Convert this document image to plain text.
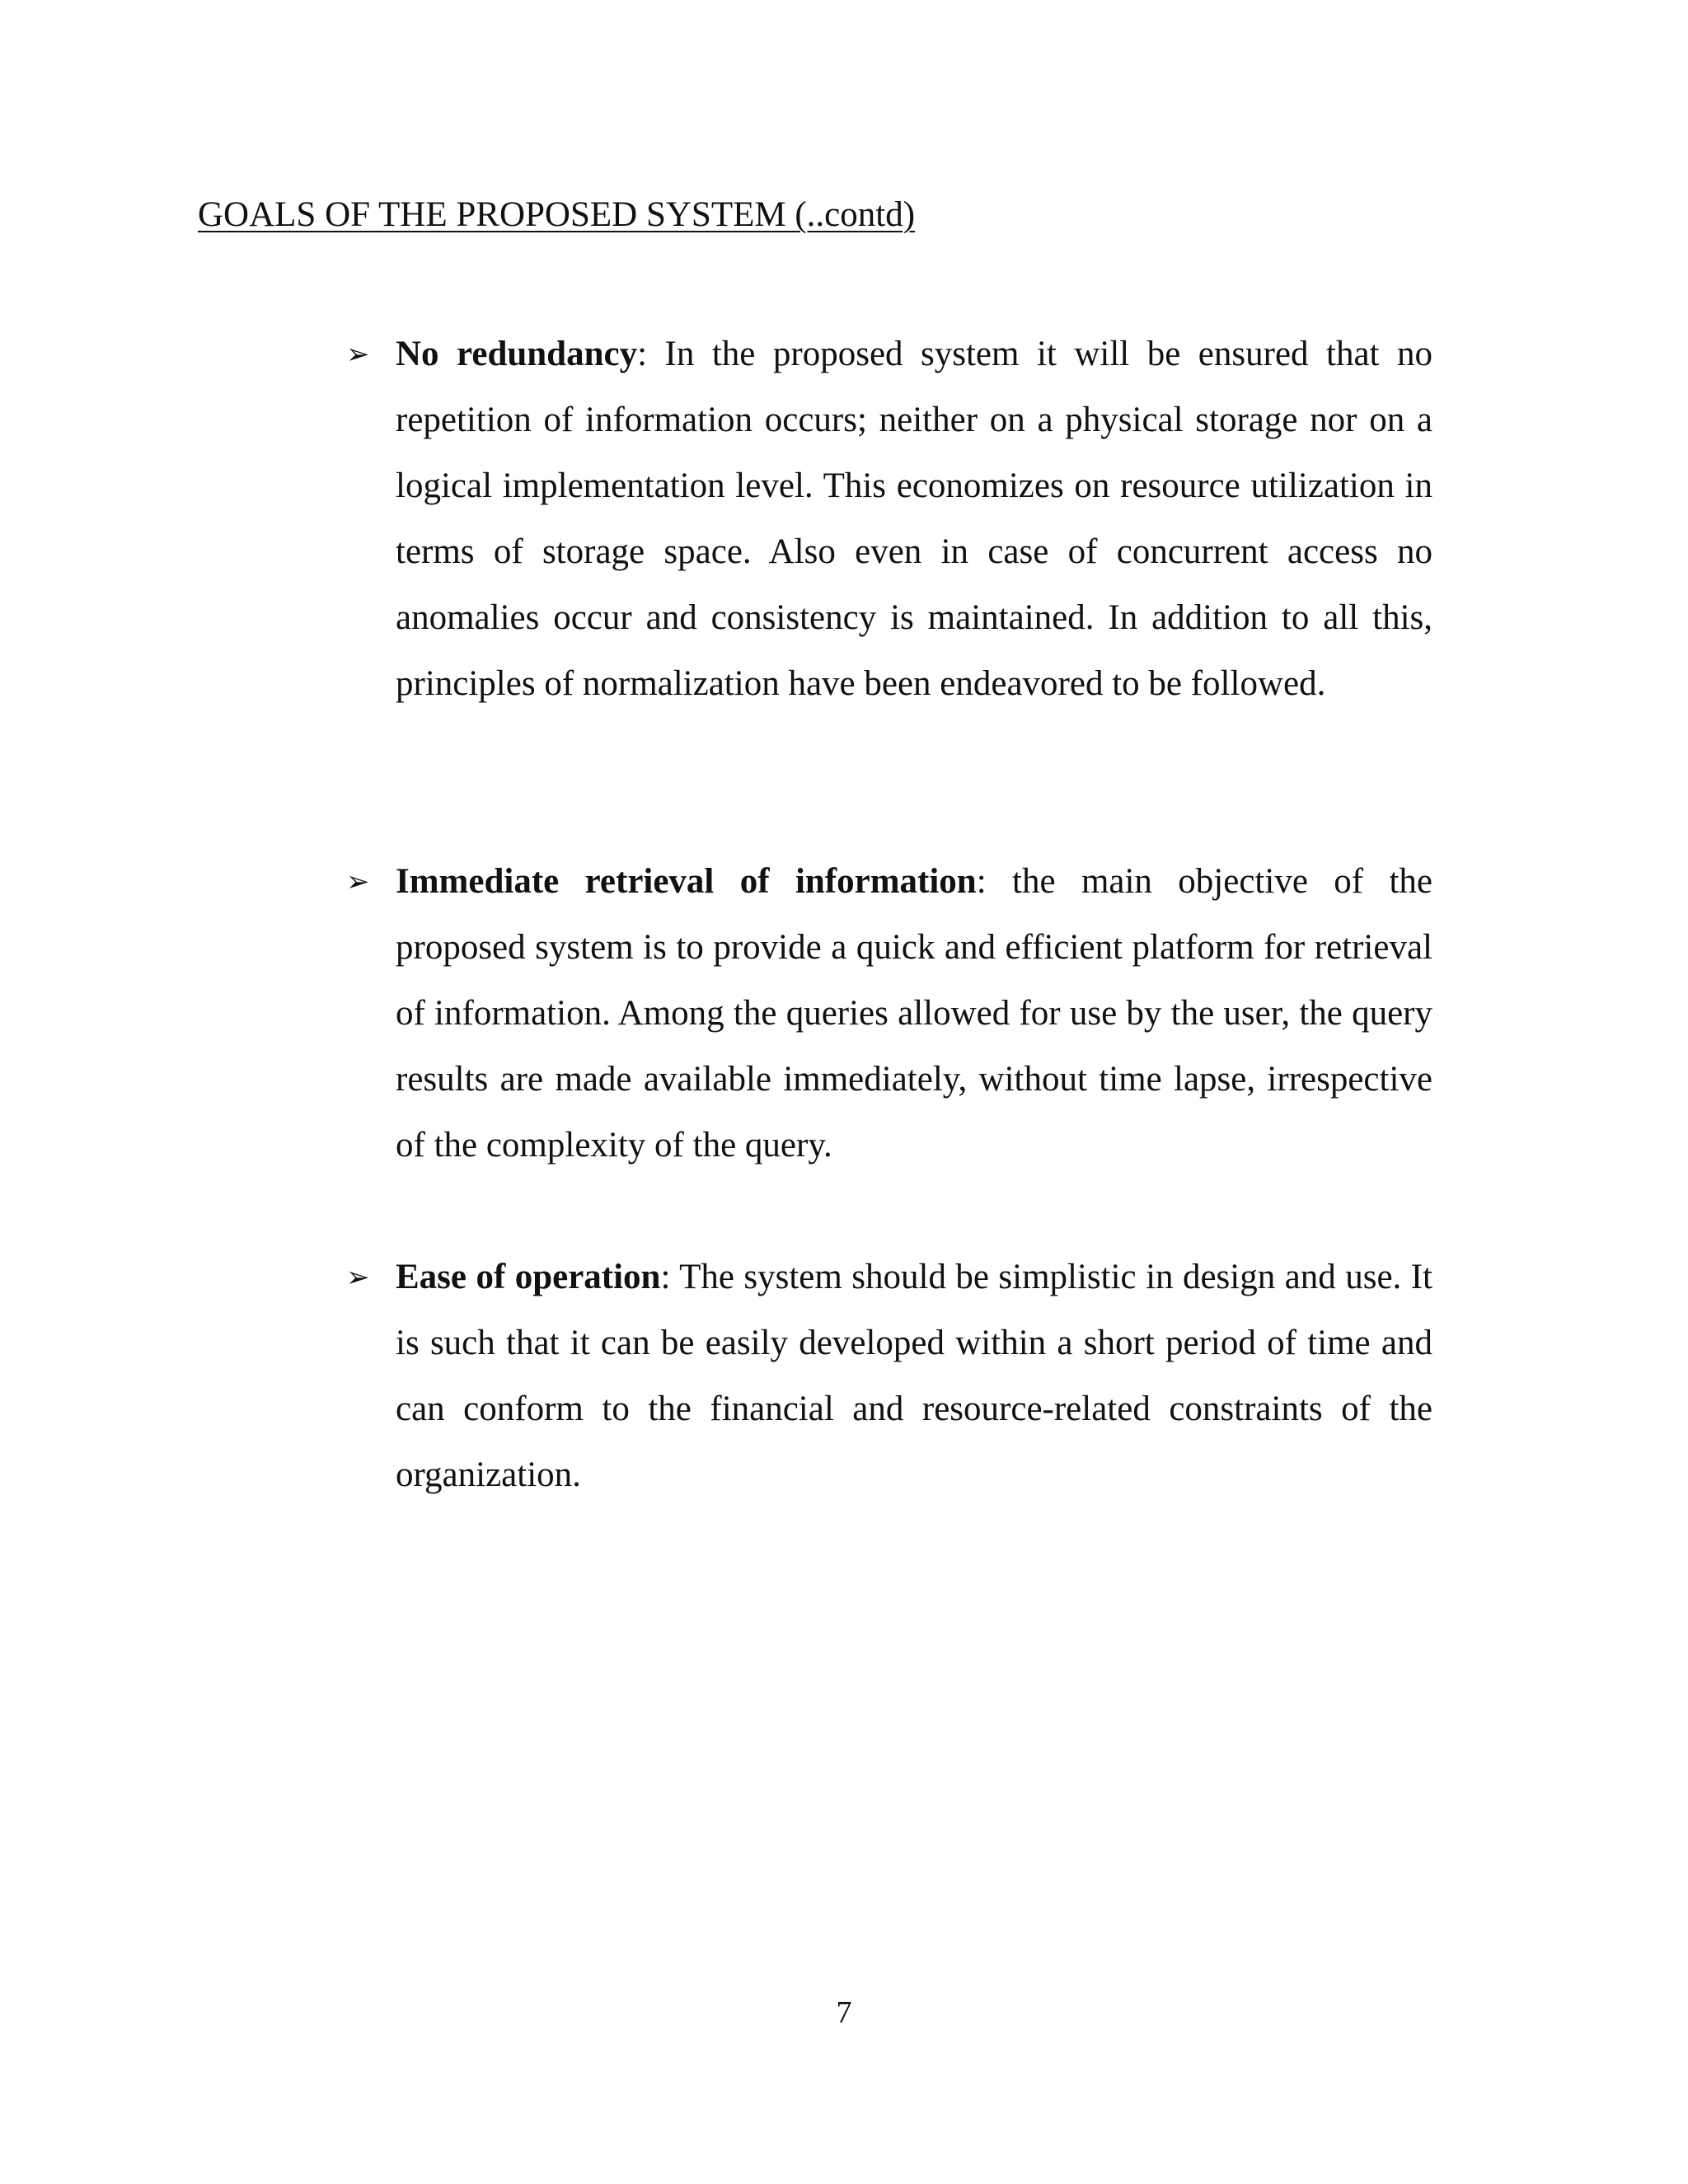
GOALS OF THE PROPOSED SYSTEM (..contd)
➢ No redundancy: In the proposed system it will be ensured that no repetition of information occurs; neither on a physical storage nor on a logical implementation level. This economizes on resource utilization in terms of storage space. Also even in case of concurrent access no anomalies occur and consistency is maintained. In addition to all this, principles of normalization have been endeavored to be followed.
➢ Immediate retrieval of information: the main objective of the proposed system is to provide a quick and efficient platform for retrieval of information. Among the queries allowed for use by the user, the query results are made available immediately, without time lapse, irrespective of the complexity of the query.
➢ Ease of operation: The system should be simplistic in design and use. It is such that it can be easily developed within a short period of time and can conform to the financial and resource-related constraints of the organization.
7
